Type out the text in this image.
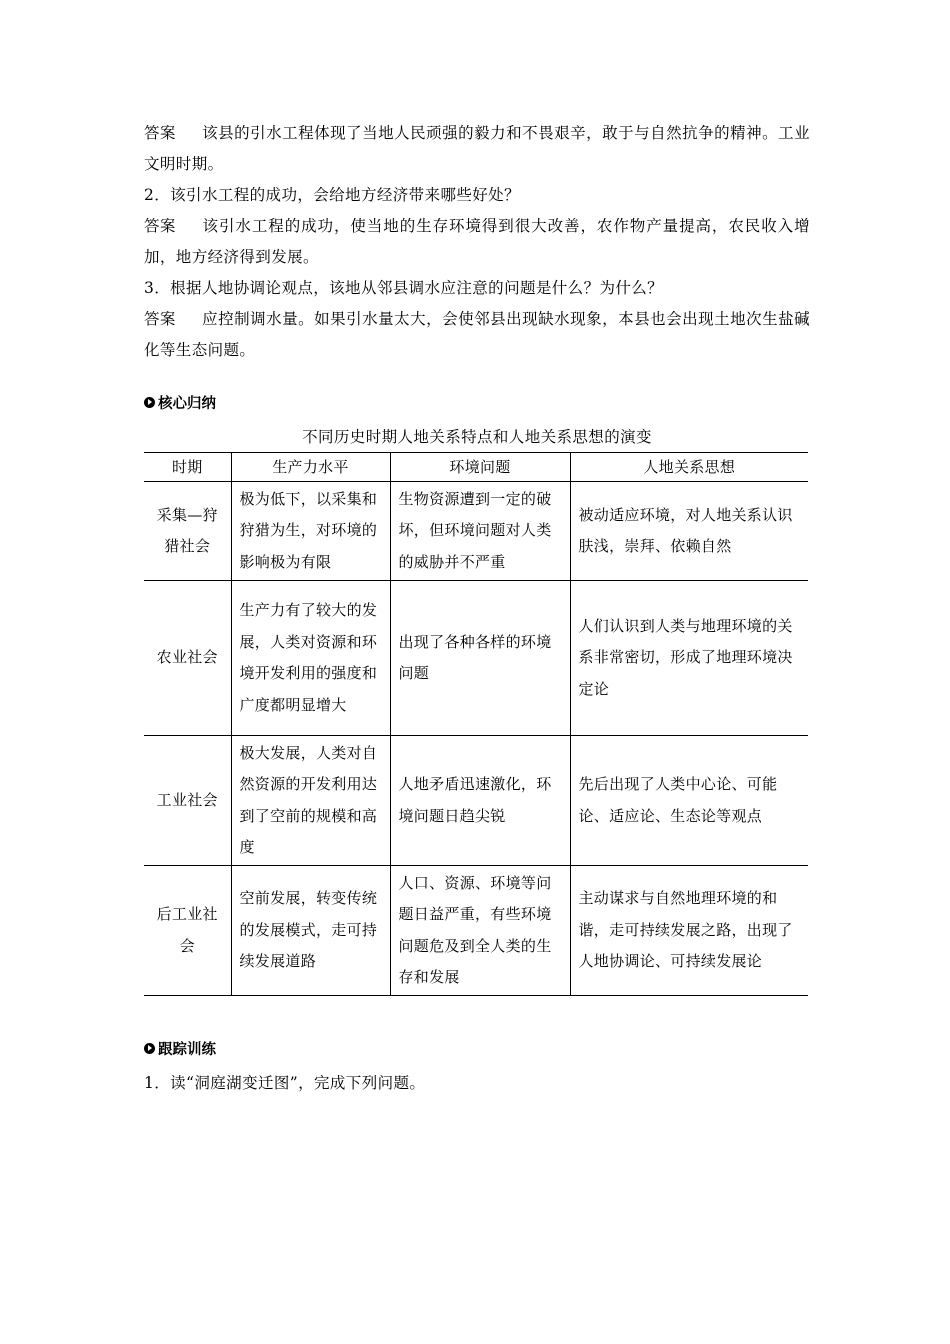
答案 该县的引水工程体现了当地人民顽强的毅力和不畏艰辛，敢于与自然抗争的精神。工业文明时期。

2．该引水工程的成功，会给地方经济带来哪些好处？

答案 该引水工程的成功，使当地的生存环境得到很大改善，农作物产量提高，农民收入增加，地方经济得到发展。

3．根据人地协调论观点，该地从邻县调水应注意的问题是什么？为什么？

答案 应控制调水量。如果引水量太大，会使邻县出现缺水现象，本县也会出现土地次生盐碱化等生态问题。

核心归纳

不同历史时期人地关系特点和人地关系思想的演变

时期	生产力水平	环境问题	人地关系思想
采集—狩猎社会	极为低下，以采集和狩猎为生，对环境的影响极为有限	生物资源遭到一定的破坏，但环境问题对人类的威胁并不严重	被动适应环境，对人地关系认识肤浅，崇拜、依赖自然
农业社会	生产力有了较大的发展，人类对资源和环境开发利用的强度和广度都明显增大	出现了各种各样的环境问题	人们认识到人类与地理环境的关系非常密切，形成了地理环境决定论
工业社会	极大发展，人类对自然资源的开发利用达到了空前的规模和高度	人地矛盾迅速激化，环境问题日趋尖锐	先后出现了人类中心论、可能论、适应论、生态论等观点
后工业社会	空前发展，转变传统的发展模式，走可持续发展道路	人口、资源、环境等问题日益严重，有些环境问题危及到全人类的生存和发展	主动谋求与自然地理环境的和谐，走可持续发展之路，出现了人地协调论、可持续发展论

跟踪训练

1．读“洞庭湖变迁图”，完成下列问题。
